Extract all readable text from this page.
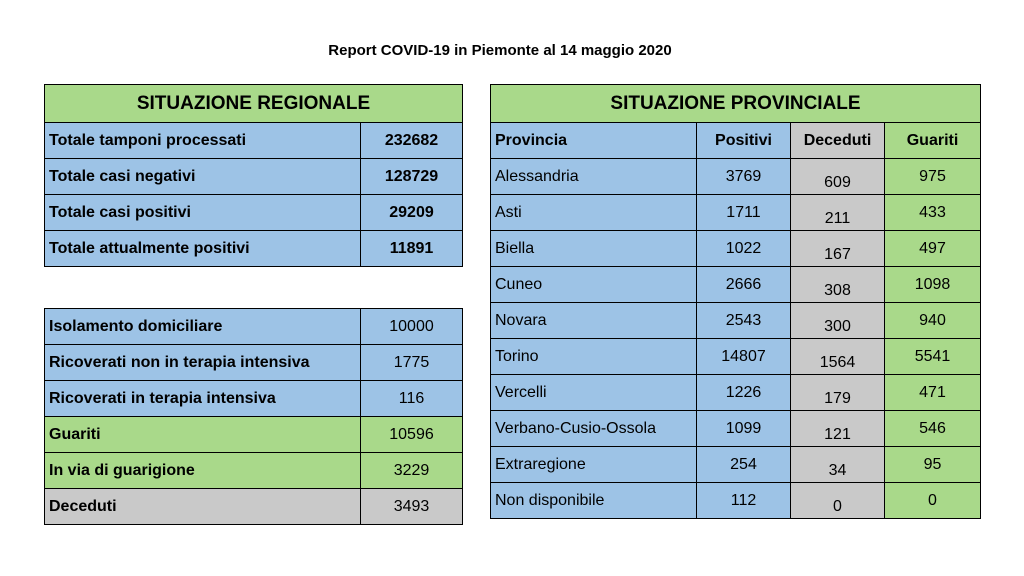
Report COVID-19 in Piemonte al 14 maggio 2020
SITUAZIONE REGIONALE	
Totale tamponi processati	232682
Totale casi negativi	128729
Totale casi positivi	29209
Totale attualmente positivi	11891
Isolamento domiciliare	10000
Ricoverati non in terapia intensiva	1775
Ricoverati in terapia intensiva	116
Guariti	10596
In via di guarigione	3229
Deceduti	3493
SITUAZIONE PROVINCIALE			
Provincia	Positivi	Deceduti	Guariti
Alessandria	3769	609	975
Asti	1711	211	433
Biella	1022	167	497
Cuneo	2666	308	1098
Novara	2543	300	940
Torino	14807	1564	5541
Vercelli	1226	179	471
Verbano-Cusio-Ossola	1099	121	546
Extraregione	254	34	95
Non disponibile	112	0	0
